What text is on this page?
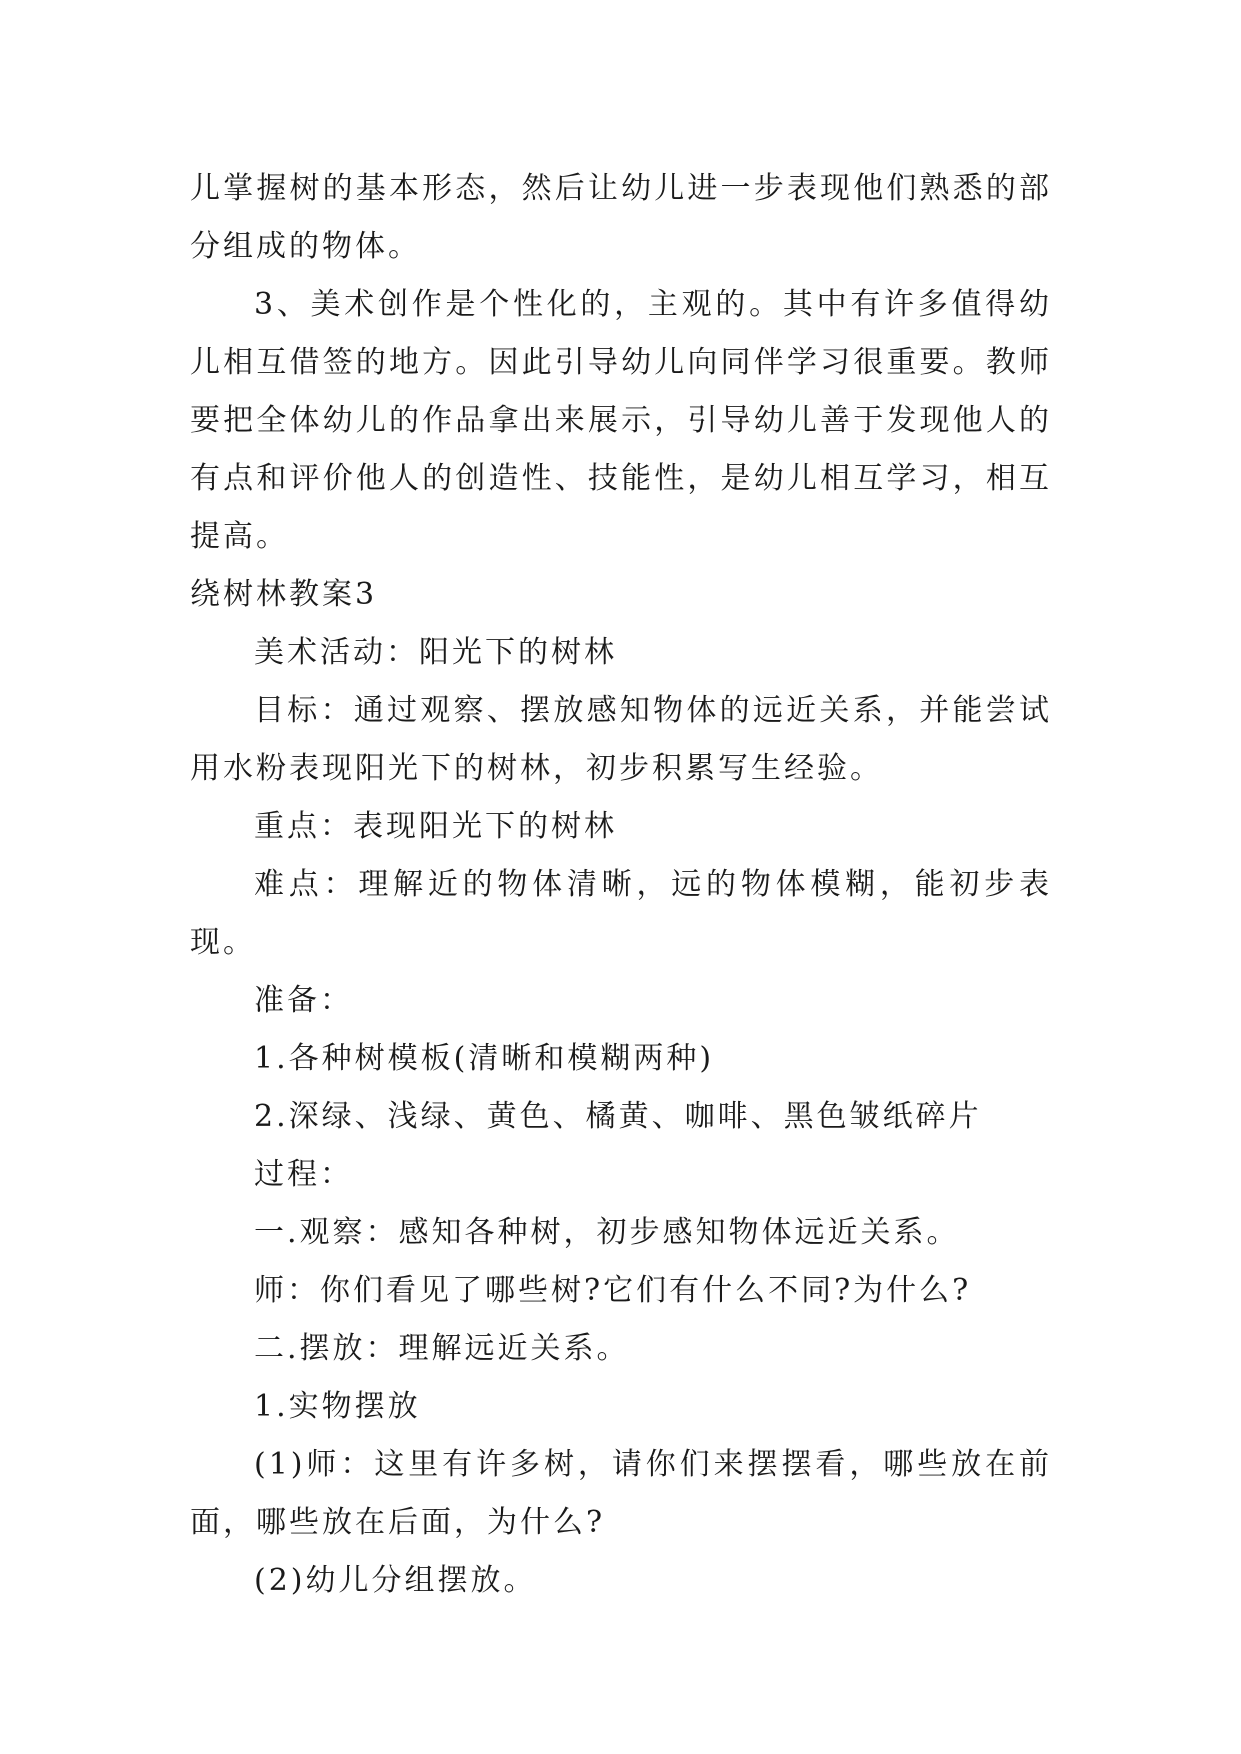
儿掌握树的基本形态，然后让幼儿进一步表现他们熟悉的部分组成的物体。

3、美术创作是个性化的，主观的。其中有许多值得幼儿相互借签的地方。因此引导幼儿向同伴学习很重要。教师要把全体幼儿的作品拿出来展示，引导幼儿善于发现他人的有点和评价他人的创造性、技能性，是幼儿相互学习，相互提高。

绕树林教案3

美术活动：阳光下的树林

目标：通过观察、摆放感知物体的远近关系，并能尝试用水粉表现阳光下的树林，初步积累写生经验。

重点：表现阳光下的树林

难点：理解近的物体清晰，远的物体模糊，能初步表现。

准备：

1.各种树模板(清晰和模糊两种)

2.深绿、浅绿、黄色、橘黄、咖啡、黑色皱纸碎片

过程：

一.观察：感知各种树，初步感知物体远近关系。

师：你们看见了哪些树?它们有什么不同?为什么?

二.摆放：理解远近关系。

1.实物摆放

(1)师：这里有许多树，请你们来摆摆看，哪些放在前面，哪些放在后面，为什么?

(2)幼儿分组摆放。
